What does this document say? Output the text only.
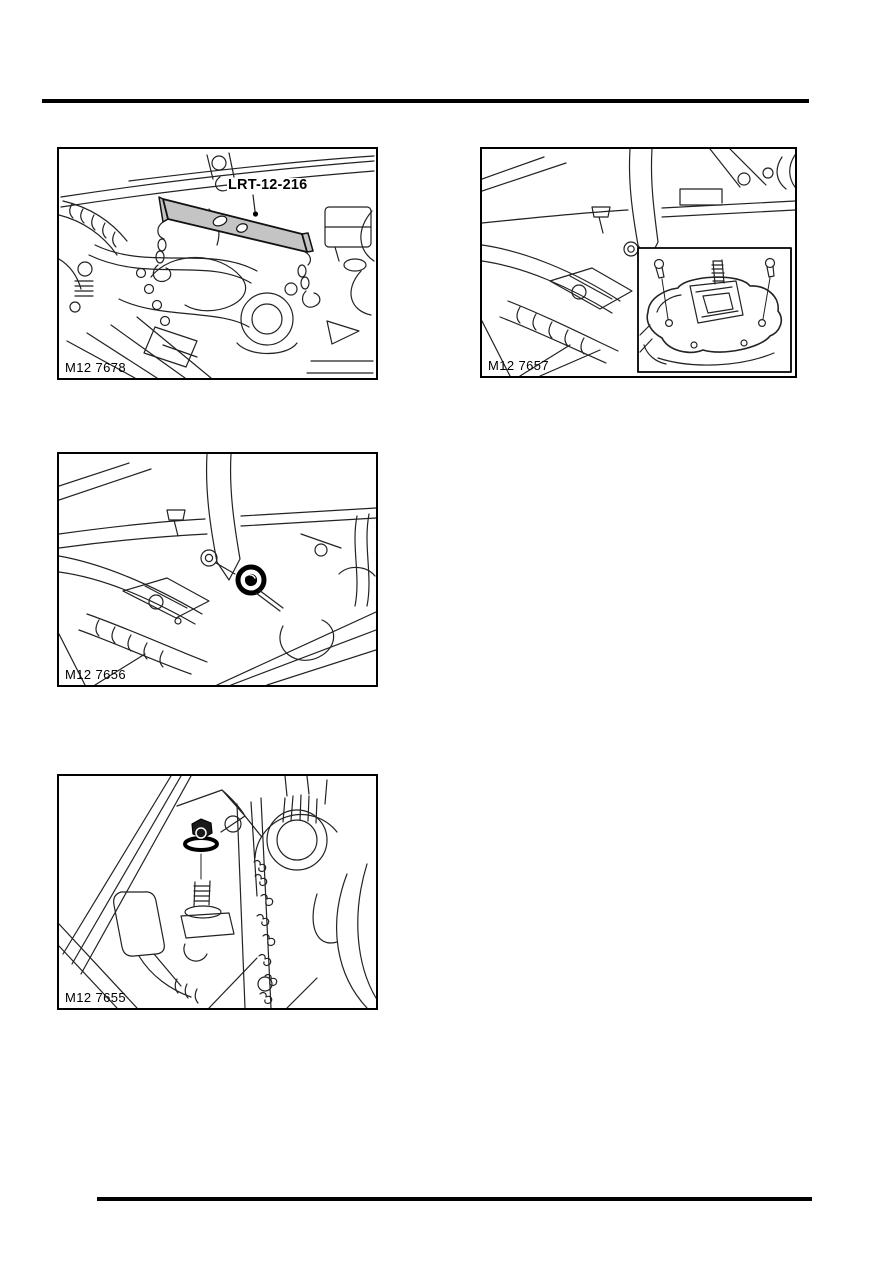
LRT-12-216
M12 7678	M12 7657
M12 7656
M12 7655
